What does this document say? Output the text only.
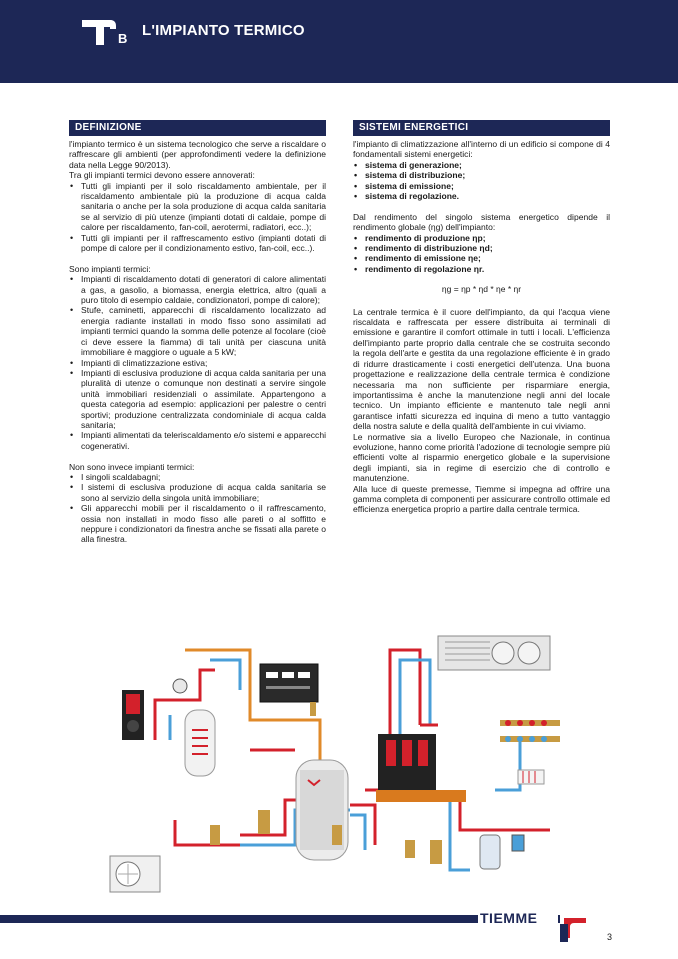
B L'IMPIANTO TERMICO
DEFINIZIONE

l'impianto termico è un sistema tecnologico che serve a riscaldare o raffrescare gli ambienti (per approfondimenti vedere la definizione data nella Legge 90/2013).

Tra gli impianti termici devono essere annoverati:

• Tutti gli impianti per il solo riscaldamento ambientale, per il riscaldamento ambientale più la produzione di acqua calda sanitaria o anche per la sola produzione di acqua calda sanitaria se al servizio di più utenze (impianti dotati di caldaie, pompe di calore per riscaldamento, fan-coil, aerotermi, radiatori, ecc..);
• Tutti gli impianti per il raffrescamento estivo (impianti dotati di pompe di calore per il condizionamento estivo, fan-coil, ecc..).

Sono impianti termici:

• Impianti di riscaldamento dotati di generatori di calore alimentati a gas, a gasolio, a biomassa, energia elettrica, altro (quali a puro titolo di esempio caldaie, condizionatori, pompe di calore);
• Stufe, caminetti, apparecchi di riscaldamento localizzato ad energia radiante installati in modo fisso sono assimilati ad impianti termici quando la somma delle potenze al focolare (cioè ci deve essere la fiamma) di tali unità per ciascuna unità immobiliare è maggiore o uguale a 5 kW;
• Impianti di climatizzazione estiva;
• Impianti di esclusiva produzione di acqua calda sanitaria per una pluralità di utenze o comunque non destinati a servire singole unità immobiliari residenziali o assimilate. Appartengono a questa categoria ad esempio: applicazioni per palestre o centri sportivi; produzione centralizzata condominiale di acqua calda sanitaria;
• Impianti alimentati da teleriscaldamento e/o sistemi e apparecchi cogenerativi.

Non sono invece impianti termici:

• I singoli scaldabagni;
• I sistemi di esclusiva produzione di acqua calda sanitaria se sono al servizio della singola unità immobiliare;
• Gli apparecchi mobili per il riscaldamento o il raffrescamento, ossia non installati in modo fisso alle pareti o al soffitto e neppure i condizionatori da finestra anche se fissati alla parete o alla finestra.
SISTEMI ENERGETICI

l'impianto di climatizzazione all'interno di un edificio si compone di 4 fondamentali sistemi energetici:

• sistema di generazione;
• sistema di distribuzione;
• sistema di emissione;
• sistema di regolazione.

Dal rendimento del singolo sistema energetico dipende il rendimento globale (ηg) dell'impianto:

• rendimento di produzione ηp;
• rendimento di distribuzione ηd;
• rendimento di emissione ηe;
• rendimento di regolazione ηr.
ηg = ηp * ηd * ηe * ηr

La centrale termica è il cuore dell'impianto, da qui l'acqua viene riscaldata e raffrescata per essere distribuita ai terminali di emissione e garantire il comfort ottimale in tutti i locali. L'efficienza dell'impianto parte proprio dalla centrale che se costruita secondo la regola dell'arte e gestita da una regolazione efficiente è in grado di ridurre drasticamente i costi energetici dell'utenza. Una buona progettazione e realizzazione della centrale termica è condizione necessaria ma non sufficiente per risparmiare energia, importantissima è anche la manutenzione negli anni del locale tecnico. Un impianto efficiente e mantenuto tale negli anni garantisce infatti sicurezza ed inquina di meno a tutto vantaggio della nostra salute e della qualità dell'ambiente in cui viviamo.

Le normative sia a livello Europeo che Nazionale, in continua evoluzione, hanno come priorità l'adozione di tecnologie sempre più efficienti volte al risparmio energetico globale e la supervisione degli impianti, sia in regime di esercizio che di controllo e manutenzione.

Alla luce di queste premesse, Tiemme si impegna ad offrire una gamma completa di componenti per assicurare controllo ottimale ed efficienza energetica proprio a partire dalla centrale termica.

TIEMME
3
